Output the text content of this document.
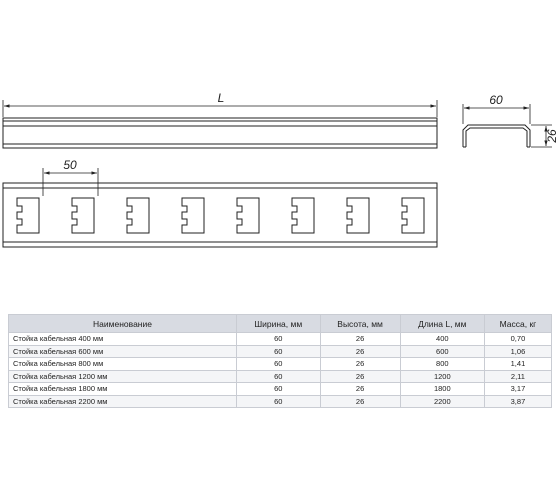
L	60
26
50
Наименование	Ширина, мм	Высота, мм	Длина L, мм	Масса, кг
Стойка кабельная 400 мм	60	26	400	0,70
Стойка кабельная 600 мм	60	26	600	1,06
Стойка кабельная 800 мм	60	26	800	1,41
Стойка кабельная 1200 мм	60	26	1200	2,11
Стойка кабельная 1800 мм	60	26	1800	3,17
Стойка кабельная 2200 мм	60	26	2200	3,87
